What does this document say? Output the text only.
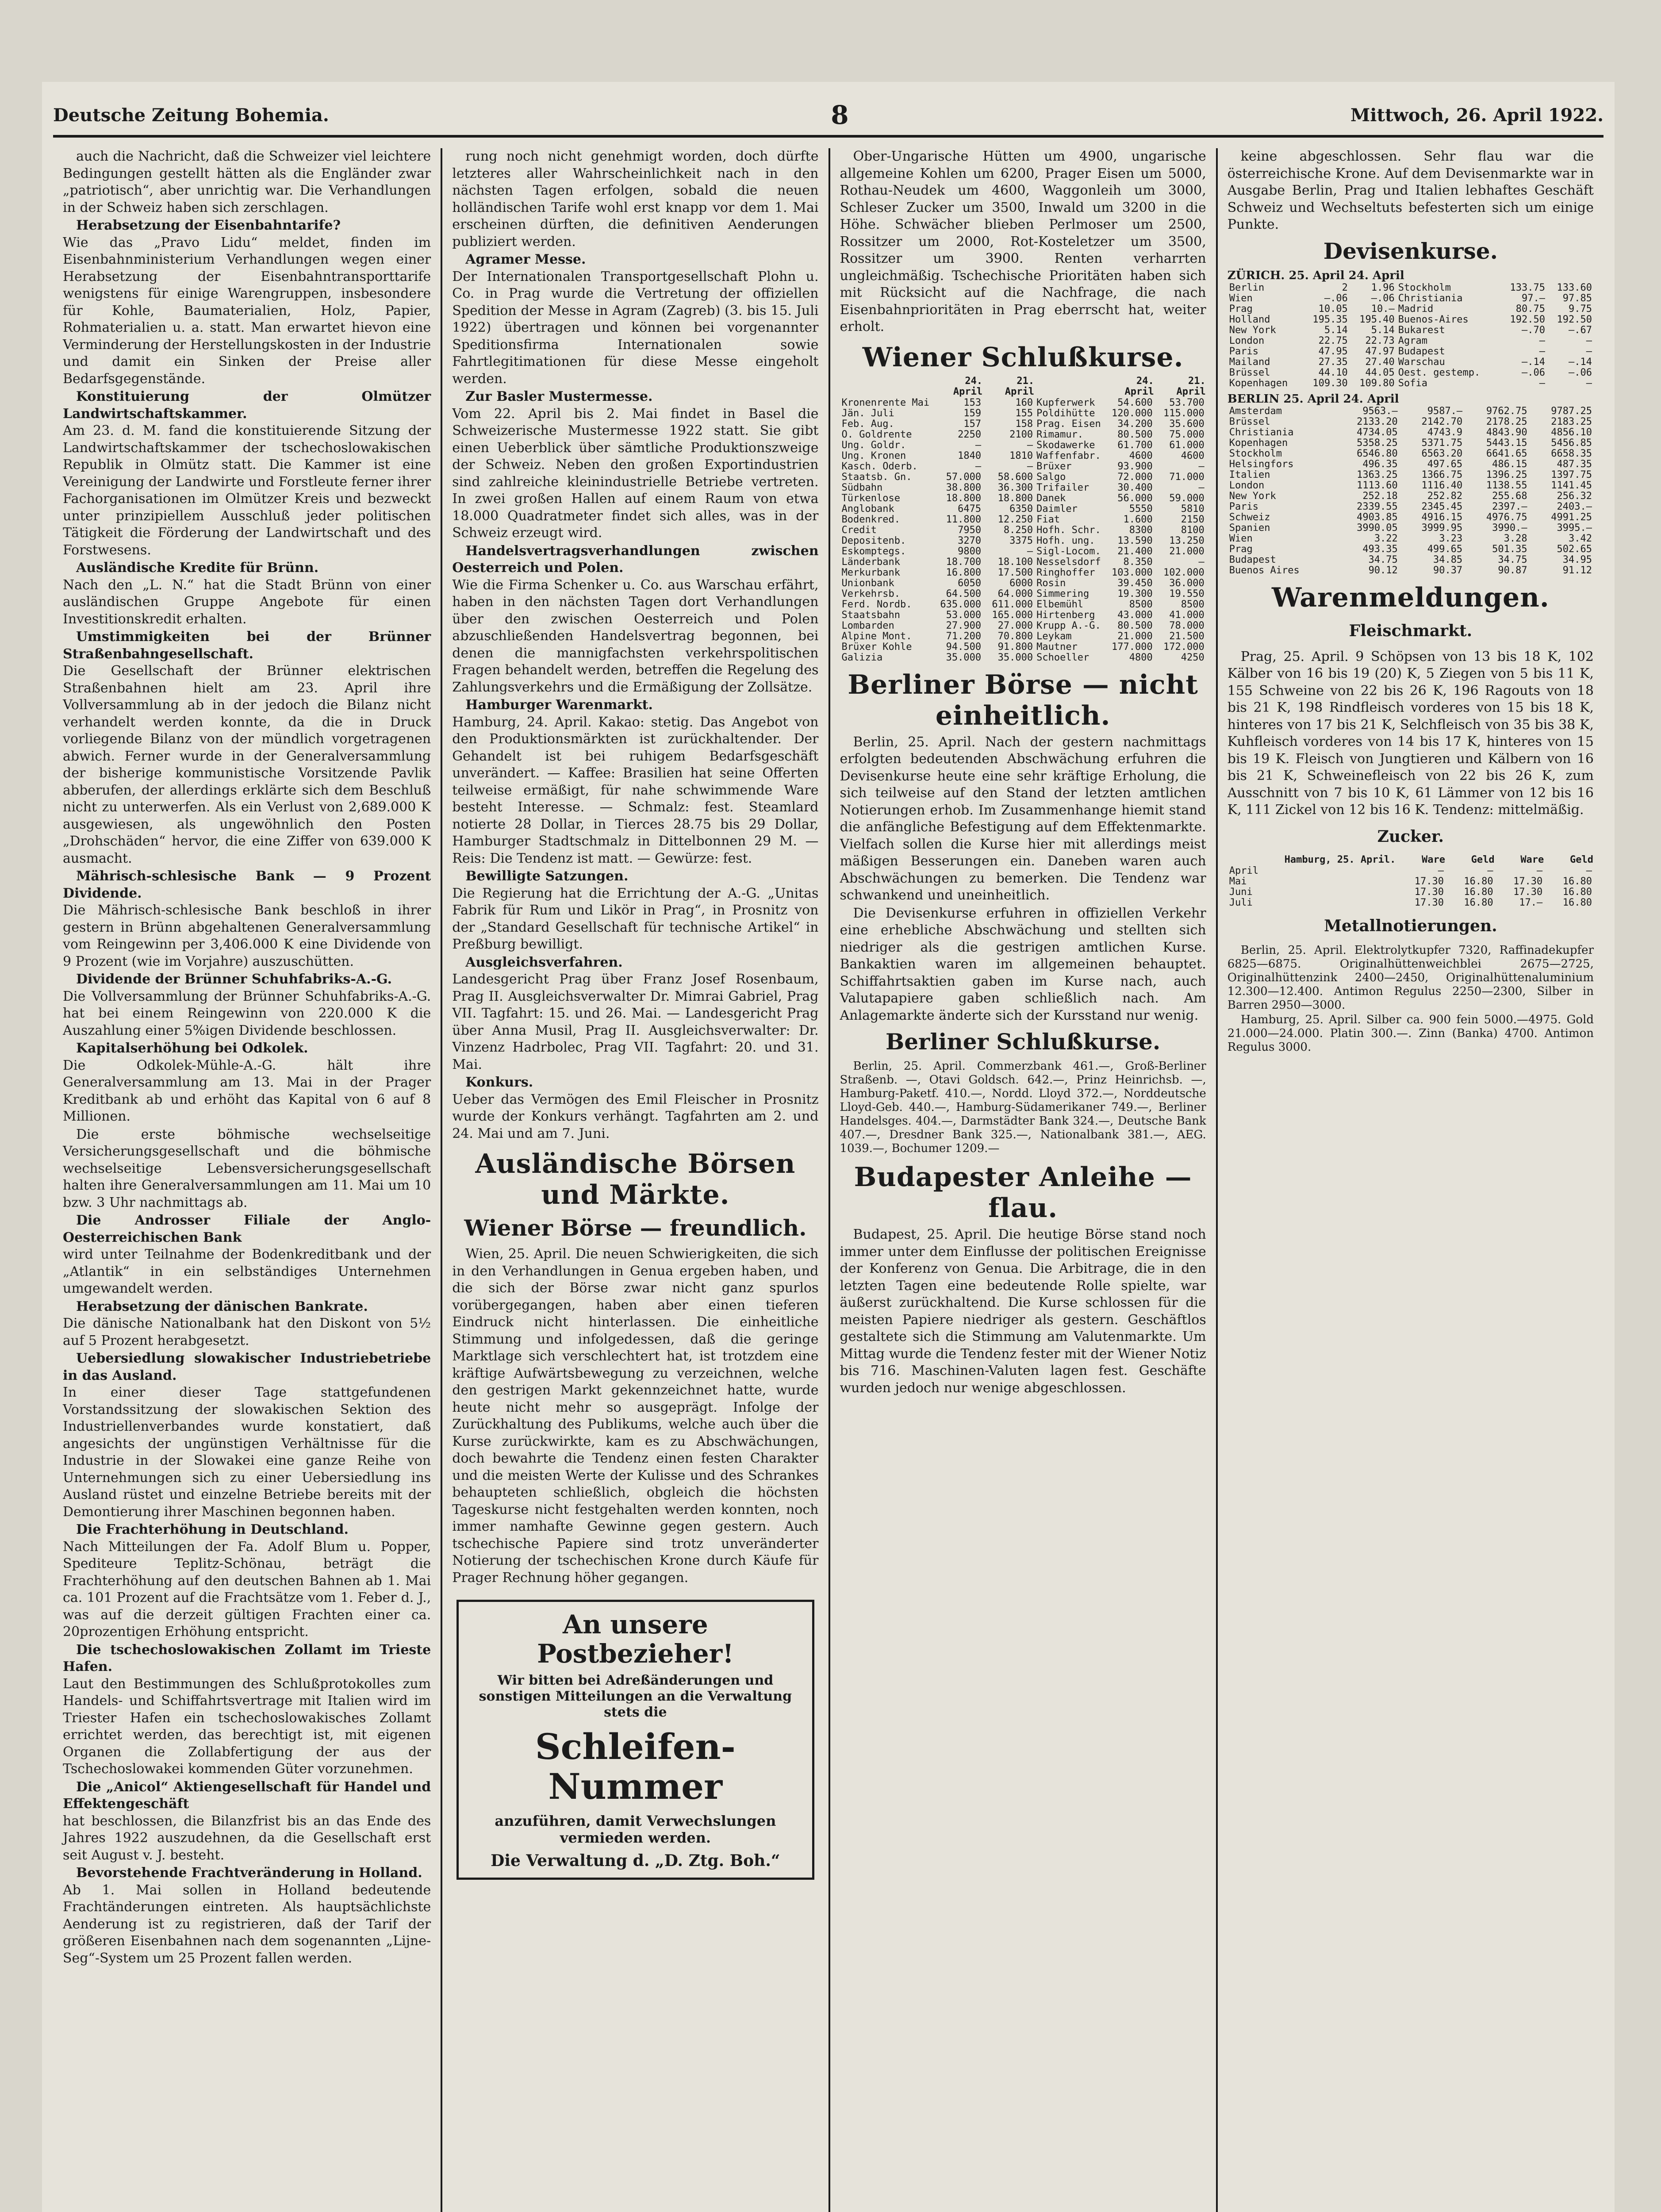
Deutsche Zeitung Bohemia.	8	Mittwoch, 26. April 1922.

auch die Nachricht, daß die Schweizer viel leichtere Bedingungen gestellt hätten als die Engländer zwar „patriotisch“, aber unrichtig war. Die Verhandlungen in der Schweiz haben sich zerschlagen.

Herabsetzung der Eisenbahntarife?
Wie das „Pravo Lidu“ meldet, finden im Eisenbahnministerium Verhandlungen wegen einer Herabsetzung der Eisenbahntransporttarife wenigstens für einige Warengruppen, insbesondere für Kohle, Baumaterialien, Holz, Papier, Rohmaterialien u. a. statt. Man erwartet hievon eine Verminderung der Herstellungskosten in der Industrie und damit ein Sinken der Preise aller Bedarfsgegenstände.

Konstituierung der Olmützer Landwirtschaftskammer.
Am 23. d. M. fand die konstituierende Sitzung der Landwirtschaftskammer der tschechoslowakischen Republik in Olmütz statt. Die Kammer ist eine Vereinigung der Landwirte und Forstleute ferner ihrer Fachorganisationen im Olmützer Kreis und bezweckt unter prinzipiellem Ausschluß jeder politischen Tätigkeit die Förderung der Landwirtschaft und des Forstwesens.

Ausländische Kredite für Brünn.
Nach den „L. N.“ hat die Stadt Brünn von einer ausländischen Gruppe Angebote für einen Investitionskredit erhalten.

Umstimmigkeiten bei der Brünner Straßenbahngesellschaft.
Die Gesellschaft der Brünner elektrischen Straßenbahnen hielt am 23. April ihre Vollversammlung ab in der jedoch die Bilanz nicht verhandelt werden konnte, da die in Druck vorliegende Bilanz von der mündlich vorgetragenen abwich. Ferner wurde in der Generalversammlung der bisherige kommunistische Vorsitzende Pavlik abberufen, der allerdings erklärte sich dem Beschluß nicht zu unterwerfen. Als ein Verlust von 2,689.000 K ausgewiesen, als ungewöhnlich den Posten „Drohschäden“ hervor, die eine Ziffer von 639.000 K ausmacht.

Mährisch-schlesische Bank — 9 Prozent Dividende.
Die Mährisch-schlesische Bank beschloß in ihrer gestern in Brünn abgehaltenen Generalversammlung vom Reingewinn per 3,406.000 K eine Dividende von 9 Prozent (wie im Vorjahre) auszuschütten.

Dividende der Brünner Schuhfabriks-A.-G.
Die Vollversammlung der Brünner Schuhfabriks-A.-G. hat bei einem Reingewinn von 220.000 K die Auszahlung einer 5%igen Dividende beschlossen.

Kapitalserhöhung bei Odkolek.
Die Odkolek-Mühle-A.-G. hält ihre Generalversammlung am 13. Mai in der Prager Kreditbank ab und erhöht das Kapital von 6 auf 8 Millionen.

Die erste böhmische wechselseitige Versicherungsgesellschaft und die böhmische wechselseitige Lebensversicherungsgesellschaft halten ihre Generalversammlungen am 11. Mai um 10 bzw. 3 Uhr nachmittags ab.

Die Androsser Filiale der Anglo-Oesterreichischen Bank
wird unter Teilnahme der Bodenkreditbank und der „Atlantik“ in ein selbständiges Unternehmen umgewandelt werden.

Herabsetzung der dänischen Bankrate.
Die dänische Nationalbank hat den Diskont von 5½ auf 5 Prozent herabgesetzt.

Uebersiedlung slowakischer Industriebetriebe in das Ausland.
In einer dieser Tage stattgefundenen Vorstandssitzung der slowakischen Sektion des Industriellenverbandes wurde konstatiert, daß angesichts der ungünstigen Verhältnisse für die Industrie in der Slowakei eine ganze Reihe von Unternehmungen sich zu einer Uebersiedlung ins Ausland rüstet und einzelne Betriebe bereits mit der Demontierung ihrer Maschinen begonnen haben.

Die Frachterhöhung in Deutschland.
Nach Mitteilungen der Fa. Adolf Blum u. Popper, Spediteure Teplitz-Schönau, beträgt die Frachterhöhung auf den deutschen Bahnen ab 1. Mai ca. 101 Prozent auf die Frachtsätze vom 1. Feber d. J., was auf die derzeit gültigen Frachten einer ca. 20prozentigen Erhöhung entspricht.

Die tschechoslowakischen Zollamt im Trieste Hafen.
Laut den Bestimmungen des Schlußprotokolles zum Handels- und Schiffahrtsvertrage mit Italien wird im Triester Hafen ein tschechoslowakisches Zollamt errichtet werden, das berechtigt ist, mit eigenen Organen die Zollabfertigung der aus der Tschechoslowakei kommenden Güter vorzunehmen.

Die „Anicol“ Aktiengesellschaft für Handel und Effektengeschäft
hat beschlossen, die Bilanzfrist bis an das Ende des Jahres 1922 auszudehnen, da die Gesellschaft erst seit August v. J. besteht.

Bevorstehende Frachtveränderung in Holland.
Ab 1. Mai sollen in Holland bedeutende Frachtänderungen eintreten. Als hauptsächlichste Aenderung ist zu registrieren, daß der Tarif der größeren Eisenbahnen nach dem sogenannten „Lijne-Seg“-System um 25 Prozent fallen werden.

rung noch nicht genehmigt worden, doch dürfte letzteres aller Wahrscheinlichkeit nach in den nächsten Tagen erfolgen, sobald die neuen holländischen Tarife wohl erst knapp vor dem 1. Mai erscheinen dürften, die definitiven Aenderungen publiziert werden.

Agramer Messe.
Der Internationalen Transportgesellschaft Plohn u. Co. in Prag wurde die Vertretung der offiziellen Spedition der Messe in Agram (Zagreb) (3. bis 15. Juli 1922) übertragen und können bei vorgenannter Speditionsfirma Internationalen sowie Fahrtlegitimationen für diese Messe eingeholt werden.

Zur Basler Mustermesse.
Vom 22. April bis 2. Mai findet in Basel die Schweizerische Mustermesse 1922 statt. Sie gibt einen Ueberblick über sämtliche Produktionszweige der Schweiz. Neben den großen Exportindustrien sind zahlreiche kleinindustrielle Betriebe vertreten. In zwei großen Hallen auf einem Raum von etwa 18.000 Quadratmeter findet sich alles, was in der Schweiz erzeugt wird.

Handelsvertragsverhandlungen zwischen Oesterreich und Polen.
Wie die Firma Schenker u. Co. aus Warschau erfährt, haben in den nächsten Tagen dort Verhandlungen über den zwischen Oesterreich und Polen abzuschließenden Handelsvertrag begonnen, bei denen die mannigfachsten verkehrspolitischen Fragen behandelt werden, betreffen die Regelung des Zahlungsverkehrs und die Ermäßigung der Zollsätze.

Hamburger Warenmarkt.
Hamburg, 24. April. Kakao: stetig. Das Angebot von den Produktionsmärkten ist zurückhaltender. Der Gehandelt ist bei ruhigem Bedarfsgeschäft unverändert. — Kaffee: Brasilien hat seine Offerten teilweise ermäßigt, für nahe schwimmende Ware besteht Interesse. — Schmalz: fest. Steamlard notierte 28 Dollar, in Tierces 28.75 bis 29 Dollar, Hamburger Stadtschmalz in Dittelbonnen 29 M. — Reis: Die Tendenz ist matt. — Gewürze: fest.

Bewilligte Satzungen.
Die Regierung hat die Errichtung der A.-G. „Unitas Fabrik für Rum und Likör in Prag“, in Prosnitz von der „Standard Gesellschaft für technische Artikel“ in Preßburg bewilligt.

Ausgleichsverfahren.
Landesgericht Prag über Franz Josef Rosenbaum, Prag II. Ausgleichsverwalter Dr. Mimrai Gabriel, Prag VII. Tagfahrt: 15. und 26. Mai. — Landesgericht Prag über Anna Musil, Prag II. Ausgleichsverwalter: Dr. Vinzenz Hadrbolec, Prag VII. Tagfahrt: 20. und 31. Mai.

Konkurs.
Ueber das Vermögen des Emil Fleischer in Prosnitz wurde der Konkurs verhängt. Tagfahrten am 2. und 24. Mai und am 7. Juni.

Ausländische Börsen und Märkte.
Wiener Börse — freundlich.

Wien, 25. April. Die neuen Schwierigkeiten, die sich in den Verhandlungen in Genua ergeben haben, und die sich der Börse zwar nicht ganz spurlos vorübergegangen, haben aber einen tieferen Eindruck nicht hinterlassen. Die einheitliche Stimmung und infolgedessen, daß die geringe Marktlage sich verschlechtert hat, ist trotzdem eine kräftige Aufwärtsbewegung zu verzeichnen, welche den gestrigen Markt gekennzeichnet hatte, wurde heute nicht mehr so ausgeprägt. Infolge der Zurückhaltung des Publikums, welche auch über die Kurse zurückwirkte, kam es zu Abschwächungen, doch bewahrte die Tendenz einen festen Charakter und die meisten Werte der Kulisse und des Schrankes behaupteten schließlich, obgleich die höchsten Tageskurse nicht festgehalten werden konnten, noch immer namhafte Gewinne gegen gestern. Auch tschechische Papiere sind trotz unveränderter Notierung der tschechischen Krone durch Käufe für Prager Rechnung höher gegangen.

An unsere Postbezieher!
Wir bitten bei Adreßänderungen und sonstigen Mitteilungen an die Verwaltung stets die
Schleifen-Nummer
anzuführen, damit Verwechslungen vermieden werden.
Die Verwaltung d. „D. Ztg. Boh.“

Ober-Ungarische Hütten um 4900, ungarische allgemeine Kohlen um 6200, Prager Eisen um 5000, Rothau-Neudek um 4600, Waggonleih um 3000, Schleser Zucker um 3500, Inwald um 3200 in die Höhe. Schwächer blieben Perlmoser um 2500, Rossitzer um 2000, Rot-Kosteletzer um 3500, Rossitzer um 3900. Renten verharrten ungleichmäßig. Tschechische Prioritäten haben sich mit Rücksicht auf die Nachfrage, die nach Eisenbahnprioritäten in Prag eberrscht hat, weiter erholt.

Wiener Schlußkurse.
	24. April	21. April		24. April	21. April
Kronenrente Mai	153	160	Kupferwerk	54.600	53.700
Jän. Juli	159	155	Poldihütte	120.000	115.000
Feb. Aug.	157	158	Prag. Eisen	34.200	35.600
O. Goldrente	2250	2100	Rimamur.	80.500	75.000
Ung. Goldr.	—	—	Skodawerke	61.700	61.000
Ung. Kronen	1840	1810	Waffenfabr.	4600	4600
Kasch. Oderb.	—	—	Brüxer	93.900	—
Staatsb. Gn.	57.000	58.600	Salgo	72.000	71.000
Südbahn	38.800	36.300	Trifailer	30.400	—
Türkenlose	18.800	18.800	Danek	56.000	59.000
Anglobank	6475	6350	Daimler	5550	5810
Bodenkred.	11.800	12.250	Fiat	1.600	2150
Credit	7950	8.250	Hofh. Schr.	8300	8100
Depositenb.	3270	3375	Hofh. ung.	13.590	13.250
Eskomptegs.	9800	—	Sigl-Locom.	21.400	21.000
Länderbank	18.700	18.100	Nesselsdorf	8.350	—
Merkurbank	16.800	17.500	Ringhoffer	103.000	102.000
Unionbank	6050	6000	Rosin	39.450	36.000
Verkehrsb.	64.500	64.000	Simmering	19.300	19.550
Ferd. Nordb.	635.000	611.000	Elbemühl	8500	8500
Staatsbahn	53.000	165.000	Hirtenberg	43.000	41.000
Lombarden	27.900	27.000	Krupp A.-G.	80.500	78.000
Alpine Mont.	71.200	70.800	Leykam	21.000	21.500
Brüxer Kohle	94.500	91.800	Mautner	177.000	172.000
Galizia	35.000	35.000	Schoeller	4800	4250
Berliner Börse — nicht einheitlich.

Berlin, 25. April. Nach der gestern nachmittags erfolgten bedeutenden Abschwächung erfuhren die Devisenkurse heute eine sehr kräftige Erholung, die sich teilweise auf den Stand der letzten amtlichen Notierungen erhob. Im Zusammenhange hiemit stand die anfängliche Befestigung auf dem Effektenmarkte. Vielfach sollen die Kurse hier mit allerdings meist mäßigen Besserungen ein. Daneben waren auch Abschwächungen zu bemerken. Die Tendenz war schwankend und uneinheitlich.

Die Devisenkurse erfuhren in offiziellen Verkehr eine erhebliche Abschwächung und stellten sich niedriger als die gestrigen amtlichen Kurse. Bankaktien waren im allgemeinen behauptet. Schiffahrtsaktien gaben im Kurse nach, auch Valutapapiere gaben schließlich nach. Am Anlagemarkte änderte sich der Kursstand nur wenig.

Berliner Schlußkurse.

Berlin, 25. April. Commerzbank 461.—, Groß-Berliner Straßenb. —, Otavi Goldsch. 642.—, Prinz Heinrichsb. —, Hamburg-Paketf. 410.—, Nordd. Lloyd 372.—, Norddeutsche Lloyd-Geb. 440.—, Hamburg-Südamerikaner 749.—, Berliner Handelsges. 404.—, Darmstädter Bank 324.—, Deutsche Bank 407.—, Dresdner Bank 325.—, Nationalbank 381.—, AEG. 1039.—, Bochumer 1209.—

Budapester Anleihe — flau.

Budapest, 25. April. Die heutige Börse stand noch immer unter dem Einflusse der politischen Ereignisse der Konferenz von Genua. Die Arbitrage, die in den letzten Tagen eine bedeutende Rolle spielte, war äußerst zurückhaltend. Die Kurse schlossen für die meisten Papiere niedriger als gestern. Geschäftlos gestaltete sich die Stimmung am Valutenmarkte. Um Mittag wurde die Tendenz fester mit der Wiener Notiz bis 716. Maschinen-Valuten lagen fest. Geschäfte wurden jedoch nur wenige abgeschlossen.

keine abgeschlossen. Sehr flau war die österreichische Krone. Auf dem Devisenmarkte war in Ausgabe Berlin, Prag und Italien lebhaftes Geschäft Schweiz und Wechseltuts befesterten sich um einige Punkte.

Devisenkurse.
ZÜRICH. 25. April 24. April
Berlin	2	1.96	Stockholm	133.75	133.60
Wien	—.06	—.06	Christiania	97.—	97.85
Prag	10.05	10.—	Madrid	80.75	9.75
Holland	195.35	195.40	Buenos-Aires	192.50	192.50
New York	5.14	5.14	Bukarest	—.70	—.67
London	22.75	22.73	Agram	—	—
Paris	47.95	47.97	Budapest	—	—
Mailand	27.35	27.40	Warschau	—.14	—.14
Brüssel	44.10	44.05	Oest. gestemp.	—.06	—.06
Kopenhagen	109.30	109.80	Sofia	—	—
BERLIN 25. April 24. April
Amsterdam	9563.—	9587.—	9762.75	9787.25
Brüssel	2133.20	2142.70	2178.25	2183.25
Christiania	4734.05	4743.9	4843.90	4856.10
Kopenhagen	5358.25	5371.75	5443.15	5456.85
Stockholm	6546.80	6563.20	6641.65	6658.35
Helsingfors	496.35	497.65	486.15	487.35
Italien	1363.25	1366.75	1396.25	1397.75
London	1113.60	1116.40	1138.55	1141.45
New York	252.18	252.82	255.68	256.32
Paris	2339.55	2345.45	2397.—	2403.—
Schweiz	4903.85	4916.15	4976.75	4991.25
Spanien	3990.05	3999.95	3990.—	3995.—
Wien	3.22	3.23	3.28	3.42
Prag	493.35	499.65	501.35	502.65
Budapest	34.75	34.85	34.75	34.95
Buenos Aires	90.12	90.37	90.87	91.12
Warenmeldungen.
Fleischmarkt.

Prag, 25. April. 9 Schöpsen von 13 bis 18 K, 102 Kälber von 16 bis 19 (20) K, 5 Ziegen von 5 bis 11 K, 155 Schweine von 22 bis 26 K, 196 Ragouts von 18 bis 21 K, 198 Rindfleisch vorderes von 15 bis 18 K, hinteres von 17 bis 21 K, Selchfleisch von 35 bis 38 K, Kuhfleisch vorderes von 14 bis 17 K, hinteres von 15 bis 19 K. Fleisch von Jungtieren und Kälbern von 16 bis 21 K, Schweinefleisch von 22 bis 26 K, zum Ausschnitt von 7 bis 10 K, 61 Lämmer von 12 bis 16 K, 111 Zickel von 12 bis 16 K. Tendenz: mittelmäßig.

Zucker.
Hamburg, 25. April.	Ware	Geld	Ware	Geld
April	—	—	—	—
Mai	17.30	16.80	17.30	16.80
Juni	17.30	16.80	17.30	16.80
Juli	17.30	16.80	17.—	16.80
Metallnotierungen.

Berlin, 25. April. Elektrolytkupfer 7320, Raffinadekupfer 6825—6875. Originalhüttenweichblei 2675—2725, Originalhüttenzink 2400—2450, Originalhüttenaluminium 12.300—12.400. Antimon Regulus 2250—2300, Silber in Barren 2950—3000.

Hamburg, 25. April. Silber ca. 900 fein 5000.—4975. Gold 21.000—24.000. Platin 300.—. Zinn (Banka) 4700. Antimon Regulus 3000.
